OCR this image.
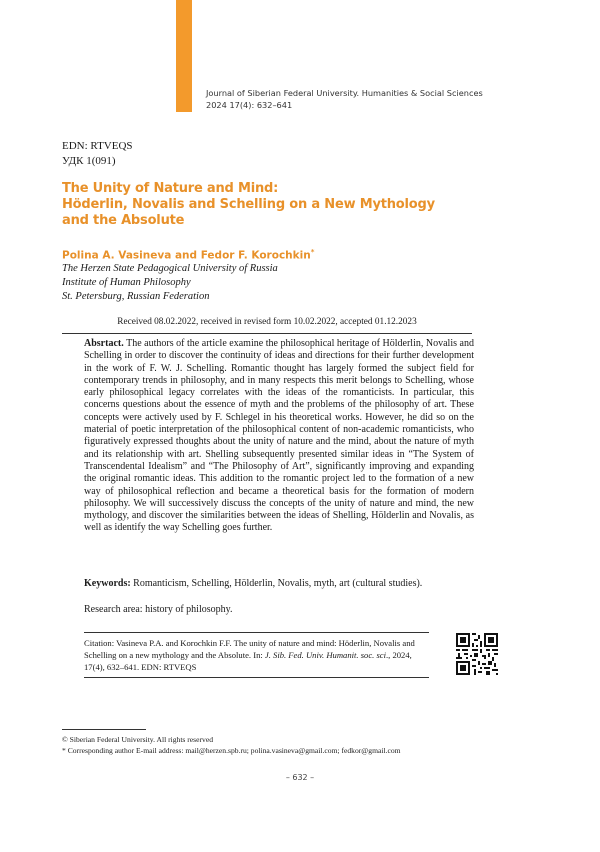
Journal of Siberian Federal University. Humanities & Social Sciences
2024 17(4): 632–641
EDN: RTVEQS
УДК 1(091)
The Unity of Nature and Mind:
Höderlin, Novalis and Schelling on a New Mythology
and the Absolute
Polina A. Vasineva and Fedor F. Korochkin*
The Herzen State Pedagogical University of Russia
Institute of Human Philosophy
St. Petersburg, Russian Federation
Received 08.02.2022, received in revised form 10.02.2022, accepted 01.12.2023
Absrtact. The authors of the article examine the philosophical heritage of Hölderlin, Novalis and Schelling in order to discover the continuity of ideas and directions for their further development in the work of F. W. J. Schelling. Romantic thought has largely formed the subject field for contemporary trends in philosophy, and in many respects this merit belongs to Schelling, whose early philosophical legacy correlates with the ideas of the romanticists. In particular, this concerns questions about the essence of myth and the problems of the philosophy of art. These concepts were actively used by F. Schlegel in his theoretical works. However, he did so on the material of poetic interpretation of the philosophical content of non-academic romanticists, who figuratively expressed thoughts about the unity of nature and the mind, about the nature of myth and its relationship with art. Shelling subsequently presented similar ideas in “The System of Transcendental Idealism” and “The Philosophy of Art”, significantly improving and expanding the original romantic ideas. This addition to the romantic project led to the formation of a new way of philosophical reflection and became a theoretical basis for the formation of modern philosophy. We will successively discuss the concepts of the unity of nature and mind, the new mythology, and discover the similarities between the ideas of Shelling, Hölderlin and Novalis, as well as identify the way Schelling goes further.
Keywords: Romanticism, Schelling, Hölderlin, Novalis, myth, art (cultural studies).
Research area: history of philosophy.
Citation: Vasineva P.A. and Korochkin F.F. The unity of nature and mind: Höderlin, Novalis and Schelling on a new mythology and the Absolute. In: J. Sib. Fed. Univ. Humanit. soc. sci., 2024, 17(4), 632–641. EDN: RTVEQS
© Siberian Federal University. All rights reserved
* Corresponding author E-mail address: mail@herzen.spb.ru; polina.vasineva@gmail.com; fedkor@gmail.com
– 632 –
